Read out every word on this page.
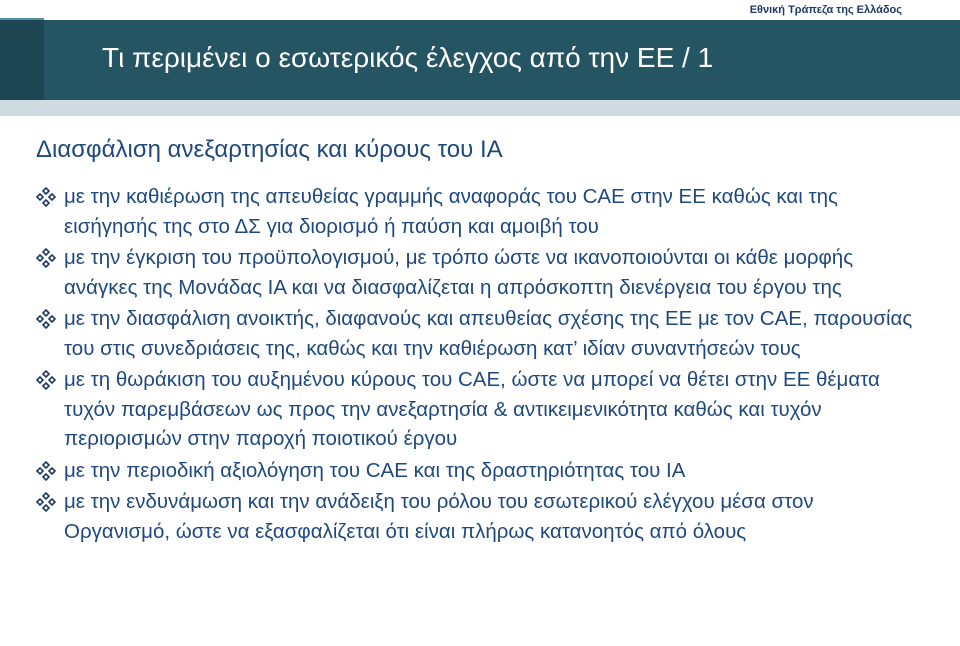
Εθνική Τράπεζα της Ελλάδος
Τι περιμένει ο εσωτερικός έλεγχος από την ΕΕ / 1
Διασφάλιση ανεξαρτησίας και κύρους του ΙΑ
με την καθιέρωση της απευθείας γραμμής αναφοράς του CAE στην ΕΕ καθώς και της εισήγησής της στο ΔΣ για διορισμό ή παύση και αμοιβή του
με την έγκριση του προϋπολογισμού, με τρόπο ώστε να ικανοποιούνται οι κάθε μορφής ανάγκες της Μονάδας ΙΑ και να διασφαλίζεται η απρόσκοπτη διενέργεια του έργου της
με την διασφάλιση ανοικτής, διαφανούς και απευθείας σχέσης της ΕΕ με τον CAE, παρουσίας του στις συνεδριάσεις της, καθώς και την καθιέρωση κατ’ ιδίαν συναντήσεών τους
με τη θωράκιση του αυξημένου κύρους του CAE, ώστε να μπορεί να θέτει στην ΕΕ θέματα τυχόν παρεμβάσεων ως προς την ανεξαρτησία & αντικειμενικότητα καθώς και τυχόν περιορισμών στην παροχή ποιοτικού έργου
με την περιοδική αξιολόγηση του CAE και της δραστηριότητας του ΙΑ
με την ενδυνάμωση και την ανάδειξη του ρόλου του εσωτερικού ελέγχου μέσα στον Οργανισμό, ώστε να εξασφαλίζεται ότι είναι πλήρως κατανοητός από όλους
